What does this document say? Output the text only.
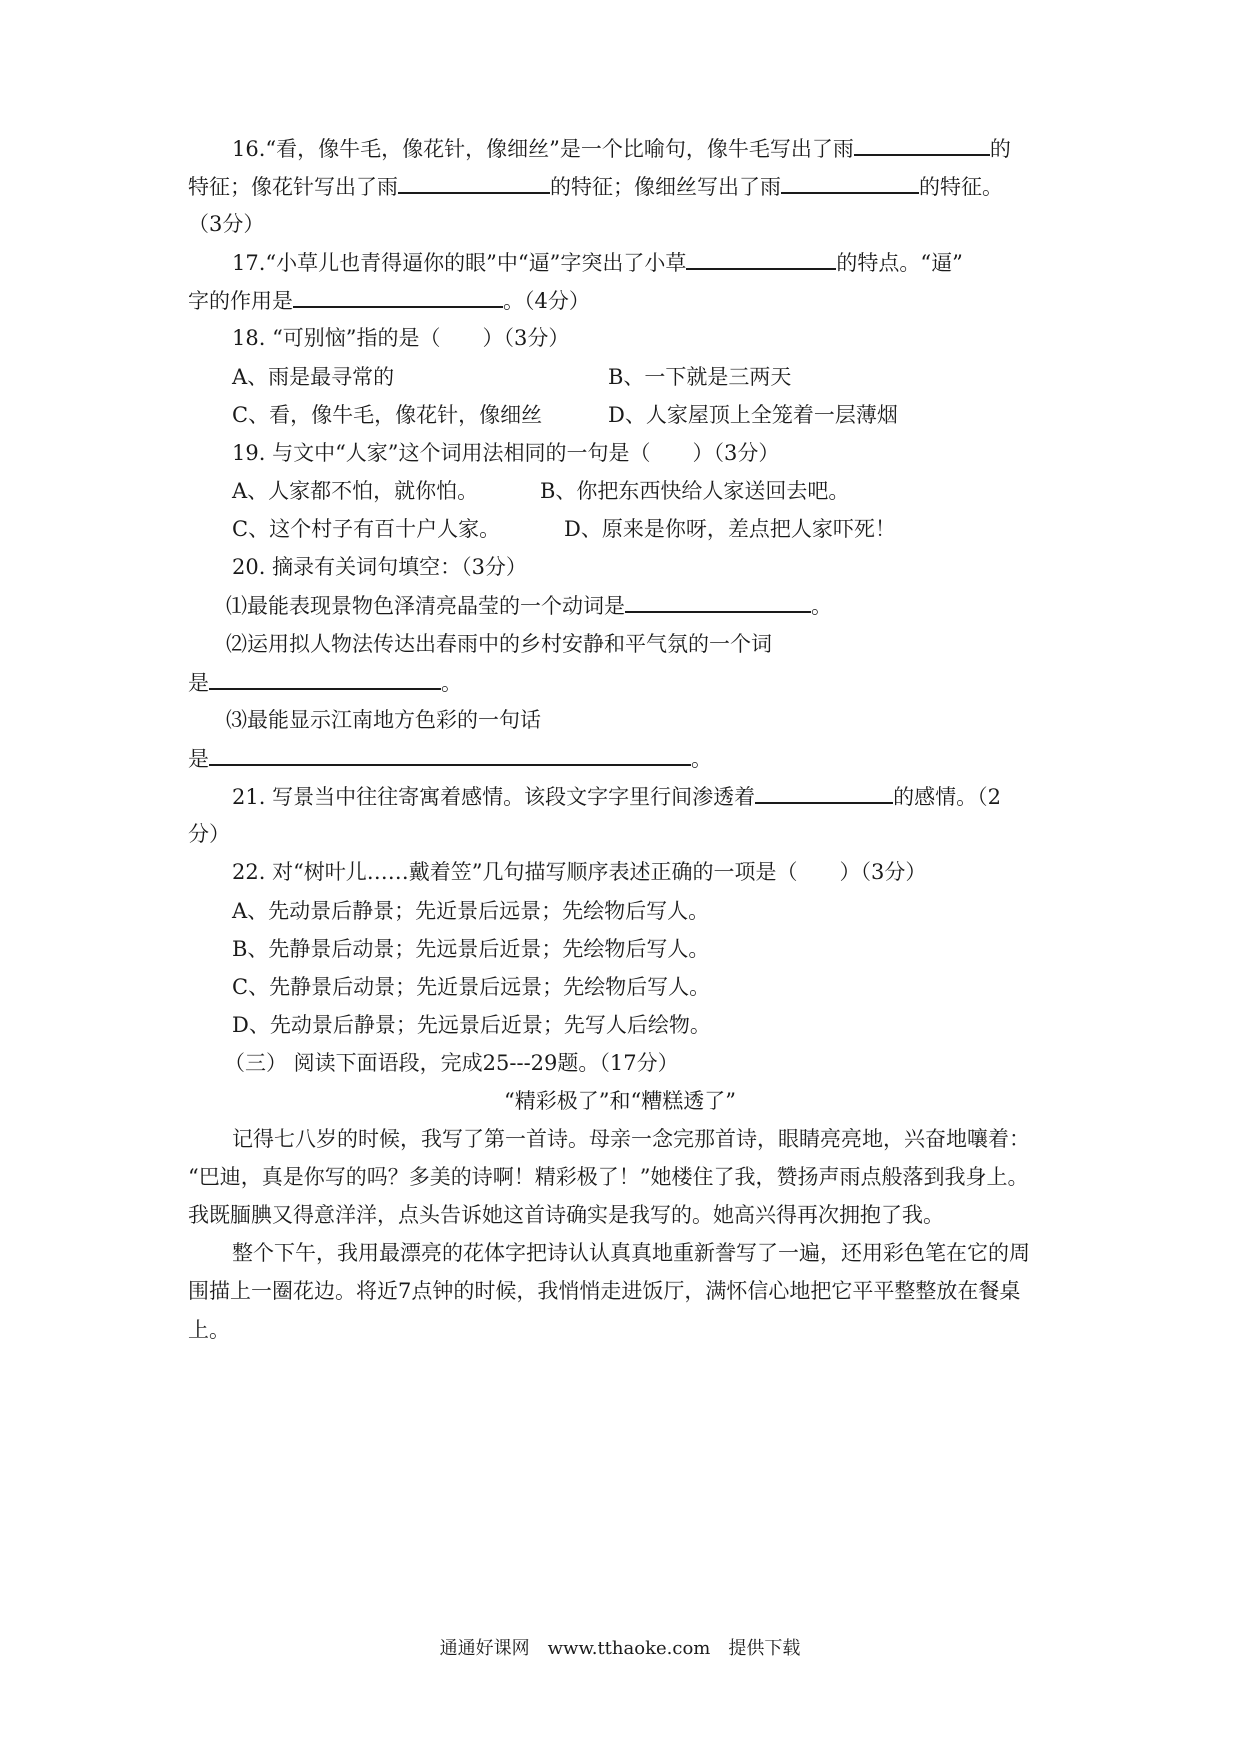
16.“看，像牛毛，像花针，像细丝”是一个比喻句，像牛毛写出了雨	的
特征；像花针写出了雨	的特征；像细丝写出了雨	的特征。
（3分）
17.“小草儿也青得逼你的眼”中“逼”字突出了小草	的特点。“逼”
字的作用是	。（4分）
18. “可别恼”指的是（　　）（3分）
A、雨是最寻常的	B、一下就是三两天
C、看，像牛毛，像花针，像细丝	D、人家屋顶上全笼着一层薄烟
19. 与文中“人家”这个词用法相同的一句是（　　）（3分）
A、人家都不怕，就你怕。	B、你把东西快给人家送回去吧。
C、这个村子有百十户人家。	D、原来是你呀，差点把人家吓死！
20. 摘录有关词句填空：（3分）
⑴最能表现景物色泽清亮晶莹的一个动词是	。
⑵运用拟人物法传达出春雨中的乡村安静和平气氛的一个词
是	。
⑶最能显示江南地方色彩的一句话
是	。
21. 写景当中往往寄寓着感情。该段文字字里行间渗透着	的感情。（2
分）
22. 对“树叶儿……戴着笠”几句描写顺序表述正确的一项是（　　）（3分）
A、先动景后静景；先近景后远景；先绘物后写人。
B、先静景后动景；先远景后近景；先绘物后写人。
C、先静景后动景；先近景后远景；先绘物后写人。
D、先动景后静景；先远景后近景；先写人后绘物。
（三） 阅读下面语段，完成25---29题。（17分）
“精彩极了”和“糟糕透了”
记得七八岁的时候，我写了第一首诗。母亲一念完那首诗，眼睛亮亮地，兴奋地嚷着：
“巴迪，真是你写的吗？多美的诗啊！精彩极了！”她楼住了我，赞扬声雨点般落到我身上。
我既腼腆又得意洋洋，点头告诉她这首诗确实是我写的。她高兴得再次拥抱了我。
整个下午，我用最漂亮的花体字把诗认认真真地重新誊写了一遍，还用彩色笔在它的周
围描上一圈花边。将近7点钟的时候，我悄悄走进饭厅，满怀信心地把它平平整整放在餐桌
上。
通通好课网　www.tthaoke.com　提供下载
